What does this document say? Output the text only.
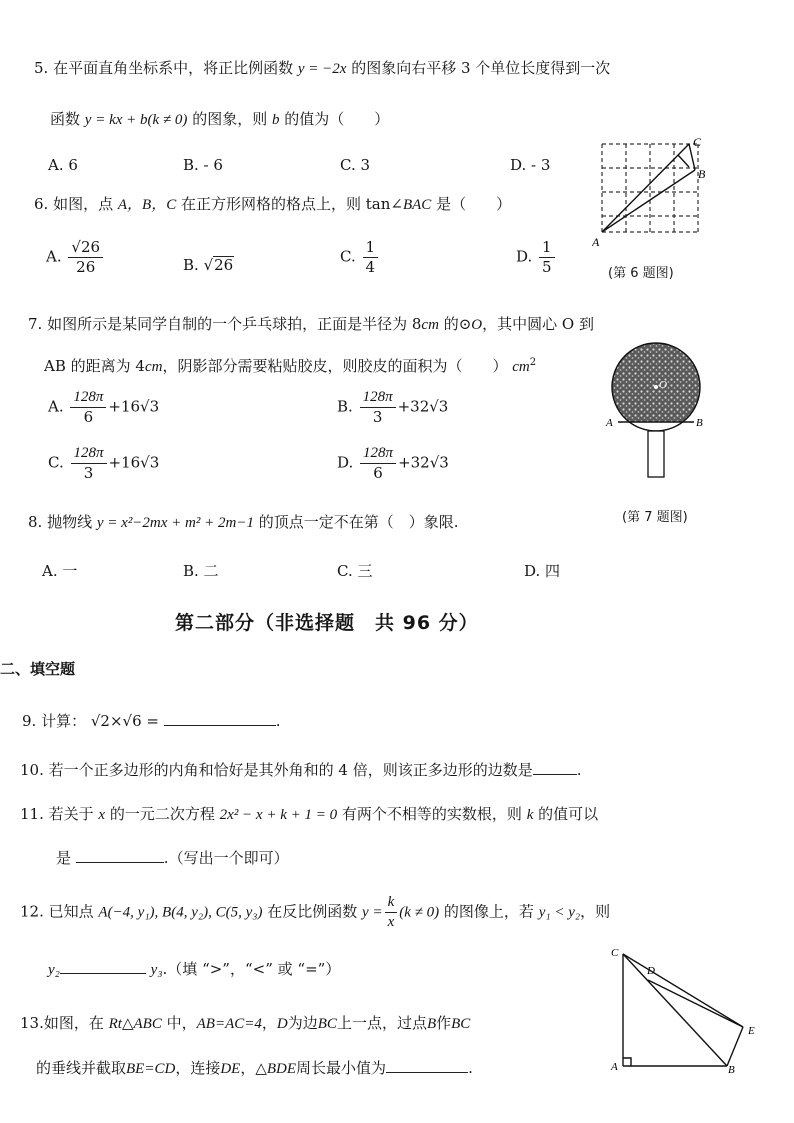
5. 在平面直角坐标系中，将正比例函数 y = −2x 的图象向右平移 3 个单位长度得到一次
函数 y = kx + b(k ≠ 0) 的图象，则 b 的值为（　　）
A. 6	B. - 6	C. 3	D. - 3
6. 如图，点 A，B，C 在正方形网格的格点上，则 tan∠BAC 是（　　）
A. $\frac{√26}{26}$	B. √26	C. $\frac{1}{4}$	D. $\frac{1}{5}$	A
B
C
(第 6 题图)
7. 如图所示是某同学自制的一个乒乓球拍，正面是半径为 8cm 的⊙O，其中圆心 O 到
AB 的距离为 4cm，阴影部分需要粘贴胶皮，则胶皮的面积为（　　） $cm^2$
A. $\frac{128\pi}{6} +16√3$	B. $\frac{128\pi}{3} +32√3$
C. $\frac{128\pi}{3} +16√3$	D. $\frac{128\pi}{6} +32√3$
O
A	B
(第 7 题图)
8. 抛物线 y = x²−2mx + m² + 2m−1 的顶点一定不在第（　）象限.
A. 一	B. 二	C. 三	D. 四
第二部分（非选择题　共 96 分）
二、填空题
9. 计算： √2×√6 =	.
10. 若一个正多边形的内角和恰好是其外角和的 4 倍，则该正多边形的边数是	.
11. 若关于 x 的一元二次方程 2x² − x + k + 1 = 0 有两个不相等的实数根，则 k 的值可以
是	.（写出一个即可）
12. 已知点 A(−4, y₁), B(4, y₂), C(5, y₃) 在反比例函数 $y = \frac{k}{x} (k \ne 0)$ 的图像上，若 y₁ < y₂，则
y₂	y₃.（填 “>”，“<” 或 “=”）
13.如图，在 Rt△ABC 中，AB=AC=4，D为边BC上一点，过点B作BC
的垂线并截取BE=CD，连接DE，△BDE周长最小值为	.
C
D
E
A	B
